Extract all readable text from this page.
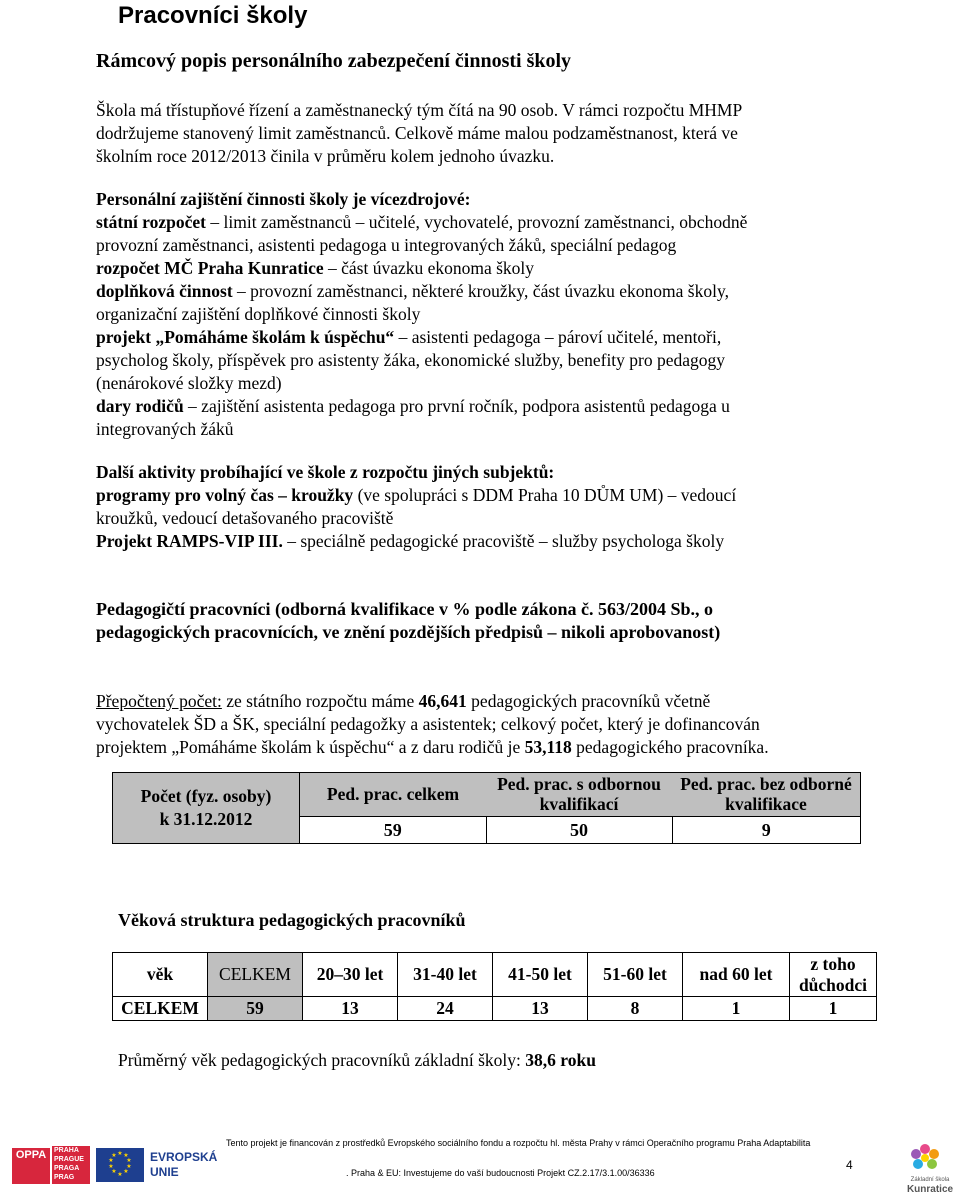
Pracovníci školy
Rámcový popis personálního zabezpečení činnosti školy
Škola má třístupňové řízení a zaměstnanecký tým čítá na 90 osob. V rámci rozpočtu MHMP
dodržujeme stanovený limit zaměstnanců. Celkově máme malou podzaměstnanost, která ve
školním roce 2012/2013 činila v průměru kolem jednoho úvazku.
Personální zajištění činnosti školy je vícezdrojové:
státní rozpočet – limit zaměstnanců – učitelé, vychovatelé, provozní zaměstnanci, obchodně
provozní zaměstnanci, asistenti pedagoga u integrovaných žáků, speciální pedagog
rozpočet MČ Praha Kunratice – část úvazku ekonoma školy
doplňková činnost – provozní zaměstnanci, některé kroužky, část úvazku ekonoma školy,
organizační zajištění doplňkové činnosti školy
projekt „Pomáháme školám k úspěchu“ – asistenti pedagoga – pároví učitelé, mentoři,
psycholog školy, příspěvek pro asistenty žáka, ekonomické služby, benefity pro pedagogy
(nenárokové složky mezd)
dary rodičů – zajištění asistenta pedagoga pro první ročník, podpora asistentů pedagoga u
integrovaných žáků
Další aktivity probíhající ve škole z rozpočtu jiných subjektů:
programy pro volný čas – kroužky (ve spolupráci s DDM Praha 10 DŮM UM) – vedoucí
kroužků, vedoucí detašovaného pracoviště
Projekt RAMPS-VIP III. – speciálně pedagogické pracoviště – služby psychologa školy
Pedagogičtí pracovníci (odborná kvalifikace v % podle zákona č. 563/2004 Sb., o
pedagogických pracovnících, ve znění pozdějších předpisů – nikoli aprobovanost)
Přepočtený počet: ze státního rozpočtu máme 46,641 pedagogických pracovníků včetně
vychovatelek ŠD a ŠK, speciální pedagožky a asistentek; celkový počet, který je dofinancován
projektem „Pomáháme školám k úspěchu“ a z daru rodičů je 53,118 pedagogického pracovníka.
Počet (fyz. osoby)
k 31.12.2012	Ped. prac. celkem	Ped. prac. s odbornou kvalifikací	Ped. prac. bez odborné kvalifikace
	59	50	9
Věková struktura pedagogických pracovníků
věk	CELKEM	20–30 let	31-40 let	41-50 let	51-60 let	nad 60 let	z toho důchodci
CELKEM	59	13	24	13	8	1	1
Průměrný věk pedagogických pracovníků základní školy: 38,6 roku
OPPA	PRAHA
PRAGUE
PRAGA
PRAG
★ ★
★
★
★
★
★
★
★
★	EVROPSKÁ
UNIE
Tento projekt je financován z prostředků Evropského sociálního fondu a rozpočtu hl. města Prahy v rámci Operačního programu Praha Adaptabilita
. Praha & EU: Investujeme do vaší budoucnosti Projekt CZ.2.17/3.1.00/36336
4
Základní škola
Kunratice
